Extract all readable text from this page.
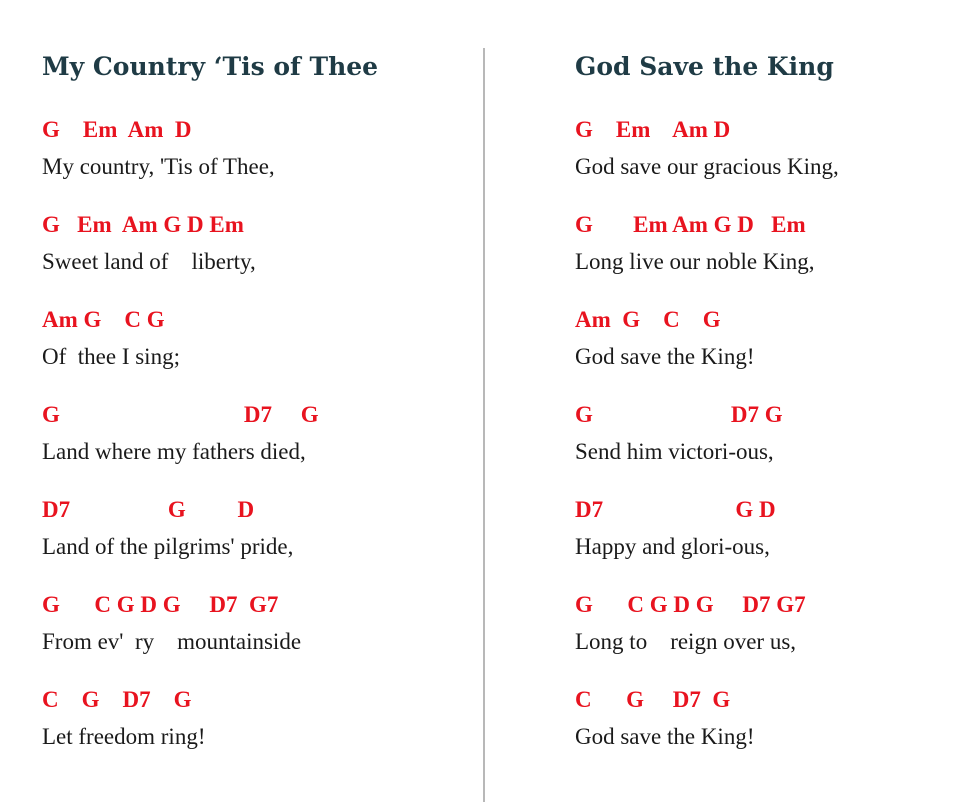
My Country ‘Tis of Thee
G    Em  Am  D
My country, 'Tis of Thee,
G   Em  Am G D Em
Sweet land of    liberty,
Am G    C G
Of  thee I sing;
G                                D7     G
Land where my fathers died,
D7                 G         D
Land of the pilgrims' pride,
G      C G D G     D7  G7
From ev'  ry    mountainside
C    G    D7    G
Let freedom ring!
God Save the King
G    Em    Am D
God save our gracious King,
G       Em Am G D   Em
Long live our noble King,
Am  G    C    G
God save the King!
G                        D7 G
Send him victori-ous,
D7                       G D
Happy and glori-ous,
G      C G D G     D7 G7
Long to    reign over us,
C      G     D7  G
God save the King!
